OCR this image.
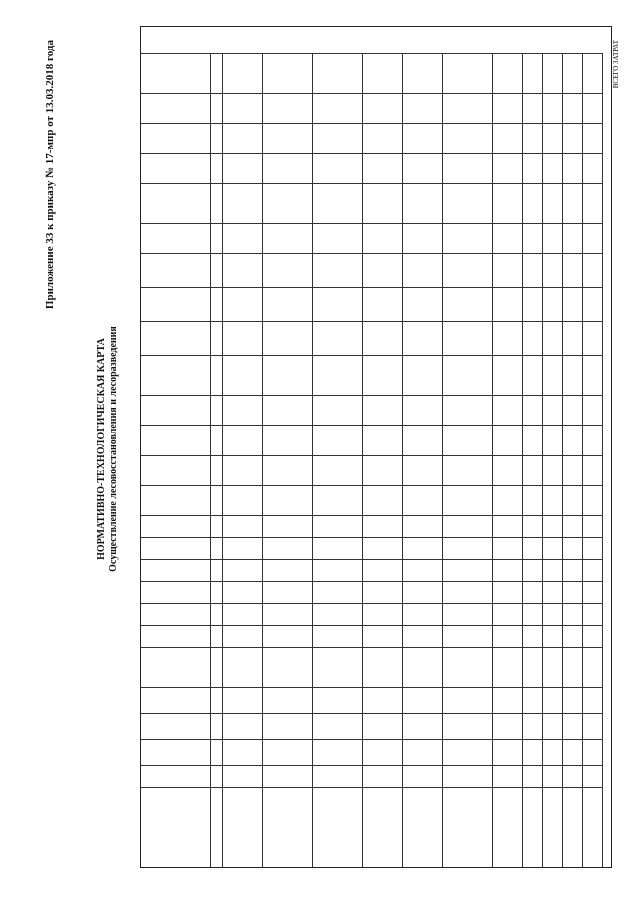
Приложение 33 к приказу № 17-мпр от 13.03.2018 года
НОРМАТИВНО-ТЕХНОЛОГИЧЕСКАЯ КАРТА Осуществление лесовосстановления и лесоразведения
ВСЕГО ЗАТРАТ
